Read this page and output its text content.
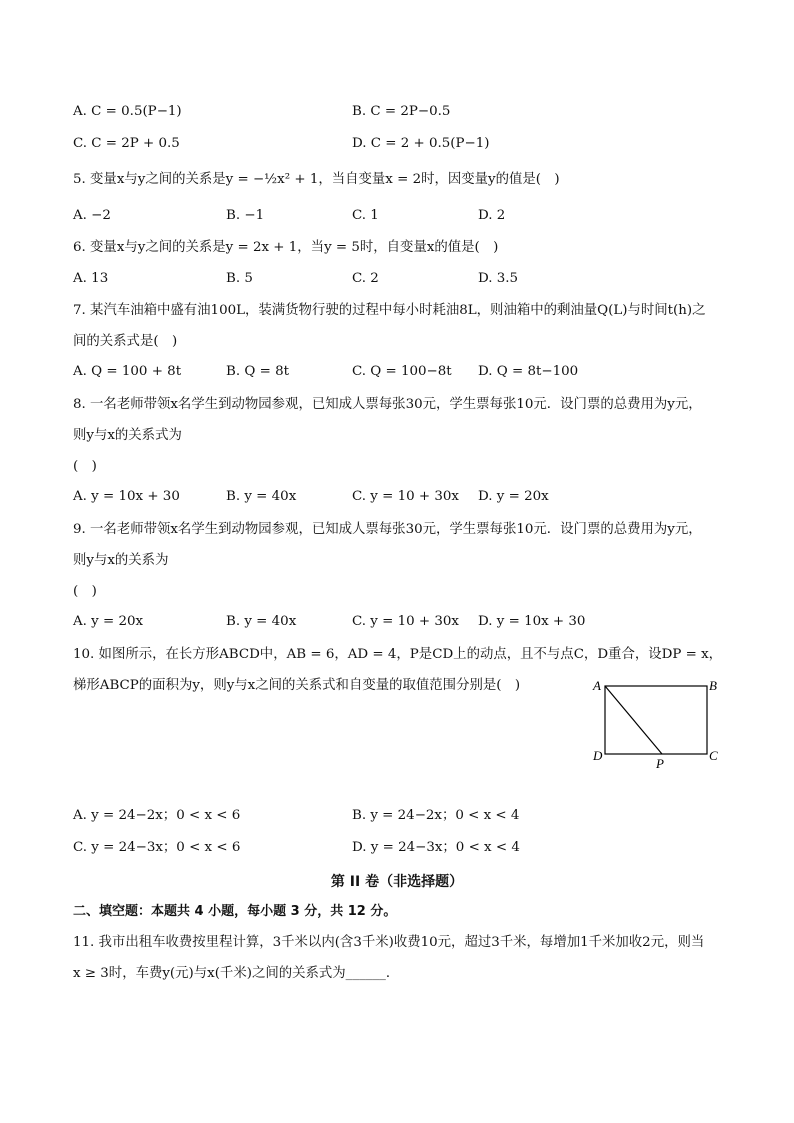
A. C = 0.5(P−1)	B. C = 2P−0.5
C. C = 2P + 0.5	D. C = 2 + 0.5(P−1)
5. 变量x与y之间的关系是y = −½x² + 1，当自变量x = 2时，因变量y的值是(　)
A. −2	B. −1	C. 1	D. 2
6. 变量x与y之间的关系是y = 2x + 1，当y = 5时，自变量x的值是(　)
A. 13	B. 5	C. 2	D. 3.5
7. 某汽车油箱中盛有油100L，装满货物行驶的过程中每小时耗油8L，则油箱中的剩油量Q(L)与时间t(h)之
间的关系式是(　)
A. Q = 100 + 8t	B. Q = 8t	C. Q = 100−8t D. Q = 8t−100
8. 一名老师带领x名学生到动物园参观，已知成人票每张30元，学生票每张10元．设门票的总费用为y元，
则y与x的关系式为
(　)
A. y = 10x + 30	B. y = 40x	C. y = 10 + 30x D. y = 20x
9. 一名老师带领x名学生到动物园参观，已知成人票每张30元，学生票每张10元．设门票的总费用为y元，
则y与x的关系为
(　)
A. y = 20x	B. y = 40x	C. y = 10 + 30x D. y = 10x + 30
10. 如图所示，在长方形ABCD中，AB = 6，AD = 4，P是CD上的动点，且不与点C，D重合，设DP = x，
梯形ABCP的面积为y，则y与x之间的关系式和自变量的取值范围分别是(　)	A	B
C
D
P
A. y = 24−2x；0 < x < 6	B. y = 24−2x；0 < x < 4
C. y = 24−3x；0 < x < 6	D. y = 24−3x；0 < x < 4
第 II 卷（非选择题）
二、填空题：本题共 4 小题，每小题 3 分，共 12 分。
11. 我市出租车收费按里程计算，3千米以内(含3千米)收费10元，超过3千米，每增加1千米加收2元，则当
x ≥ 3时，车费y(元)与x(千米)之间的关系式为______．
